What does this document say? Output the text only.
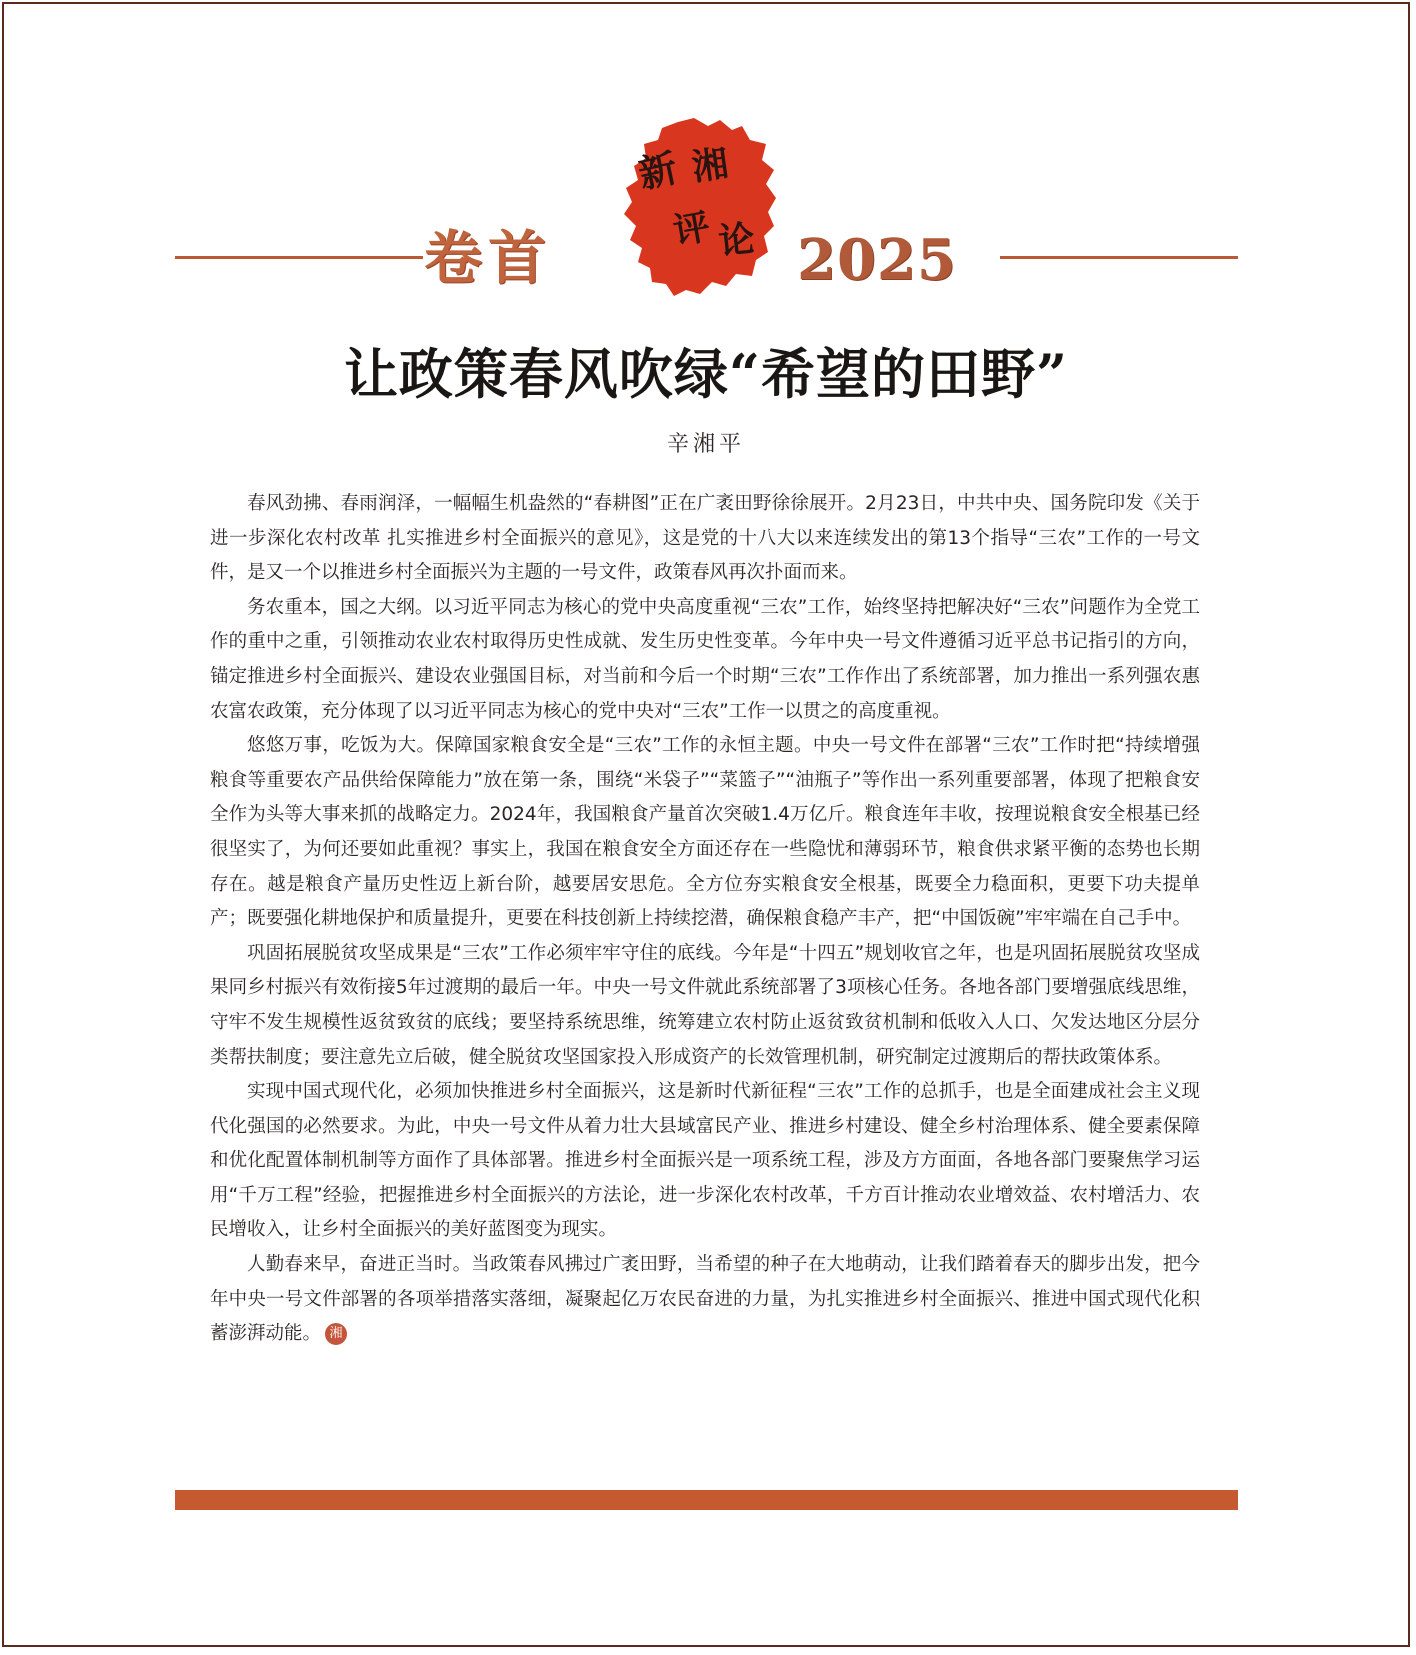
卷首
新 湘
评 论 2025
让政策春风吹绿“希望的田野”
辛湘平

春风劲拂、春雨润泽，一幅幅生机盎然的“春耕图”正在广袤田野徐徐展开。2月23日，中共中央、国务院印发《关于进一步深化农村改革 扎实推进乡村全面振兴的意见》，这是党的十八大以来连续发出的第13个指导“三农”工作的一号文件，是又一个以推进乡村全面振兴为主题的一号文件，政策春风再次扑面而来。

务农重本，国之大纲。以习近平同志为核心的党中央高度重视“三农”工作，始终坚持把解决好“三农”问题作为全党工作的重中之重，引领推动农业农村取得历史性成就、发生历史性变革。今年中央一号文件遵循习近平总书记指引的方向，锚定推进乡村全面振兴、建设农业强国目标，对当前和今后一个时期“三农”工作作出了系统部署，加力推出一系列强农惠农富农政策，充分体现了以习近平同志为核心的党中央对“三农”工作一以贯之的高度重视。

悠悠万事，吃饭为大。保障国家粮食安全是“三农”工作的永恒主题。中央一号文件在部署“三农”工作时把“持续增强粮食等重要农产品供给保障能力”放在第一条，围绕“米袋子”“菜篮子”“油瓶子”等作出一系列重要部署，体现了把粮食安全作为头等大事来抓的战略定力。2024年，我国粮食产量首次突破1.4万亿斤。粮食连年丰收，按理说粮食安全根基已经很坚实了，为何还要如此重视？事实上，我国在粮食安全方面还存在一些隐忧和薄弱环节，粮食供求紧平衡的态势也长期存在。越是粮食产量历史性迈上新台阶，越要居安思危。全方位夯实粮食安全根基，既要全力稳面积，更要下功夫提单产；既要强化耕地保护和质量提升，更要在科技创新上持续挖潜，确保粮食稳产丰产，把“中国饭碗”牢牢端在自己手中。

巩固拓展脱贫攻坚成果是“三农”工作必须牢牢守住的底线。今年是“十四五”规划收官之年，也是巩固拓展脱贫攻坚成果同乡村振兴有效衔接5年过渡期的最后一年。中央一号文件就此系统部署了3项核心任务。各地各部门要增强底线思维，守牢不发生规模性返贫致贫的底线；要坚持系统思维，统筹建立农村防止返贫致贫机制和低收入人口、欠发达地区分层分类帮扶制度；要注意先立后破，健全脱贫攻坚国家投入形成资产的长效管理机制，研究制定过渡期后的帮扶政策体系。

实现中国式现代化，必须加快推进乡村全面振兴，这是新时代新征程“三农”工作的总抓手，也是全面建成社会主义现代化强国的必然要求。为此，中央一号文件从着力壮大县域富民产业、推进乡村建设、健全乡村治理体系、健全要素保障和优化配置体制机制等方面作了具体部署。推进乡村全面振兴是一项系统工程，涉及方方面面，各地各部门要聚焦学习运用“千万工程”经验，把握推进乡村全面振兴的方法论，进一步深化农村改革，千方百计推动农业增效益、农村增活力、农民增收入，让乡村全面振兴的美好蓝图变为现实。

人勤春来早，奋进正当时。当政策春风拂过广袤田野，当希望的种子在大地萌动，让我们踏着春天的脚步出发，把今年中央一号文件部署的各项举措落实落细，凝聚起亿万农民奋进的力量，为扎实推进乡村全面振兴、推进中国式现代化积蓄澎湃动能。 湘
